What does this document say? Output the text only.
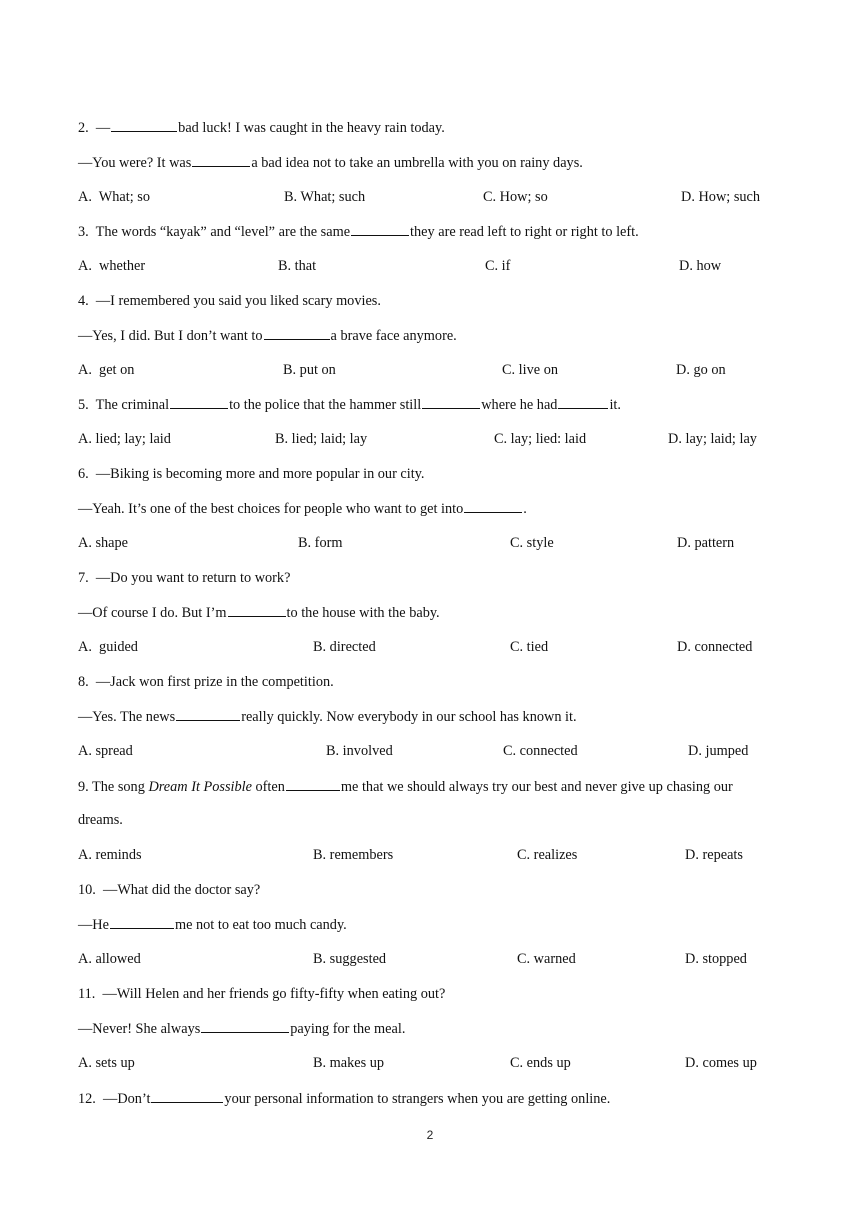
2.  —	bad luck! I was caught in the heavy rain today.
—You were? It was	a bad idea not to take an umbrella with you on rainy days.
A.  What; so	B. What; such	C. How; so	D. How; such
3.  The words “kayak” and “level” are the same	they are read left to right or right to left.
A.  whether	B. that	C. if	D. how
4.  —I remembered you said you liked scary movies.
—Yes, I did. But I don’t want to	a brave face anymore.
A.  get on	B. put on	C. live on	D. go on
5.  The criminal	to the police that the hammer still	where he had	it.
A. lied; lay; laid	B. lied; laid; lay	C. lay; lied: laid	D. lay; laid; lay
6.  —Biking is becoming more and more popular in our city.
—Yeah. It’s one of the best choices for people who want to get into	.
A. shape	B. form	C. style	D. pattern
7.  —Do you want to return to work?
—Of course I do. But I’m	to the house with the baby.
A.  guided	B. directed	C. tied	D. connected
8.  —Jack won first prize in the competition.
—Yes. The news	really quickly. Now everybody in our school has known it.
A. spread	B. involved	C. connected	D. jumped
9. The song Dream It Possible often	me that we should always try our best and never give up chasing our
dreams.
A. reminds	B. remembers	C. realizes	D. repeats
10.  —What did the doctor say?
—He	me not to eat too much candy.
A. allowed	B. suggested	C. warned	D. stopped
11.  —Will Helen and her friends go fifty-fifty when eating out?
—Never! She always	paying for the meal.
A. sets up	B. makes up	C. ends up	D. comes up
12.  —Don’t	your personal information to strangers when you are getting online.
2
